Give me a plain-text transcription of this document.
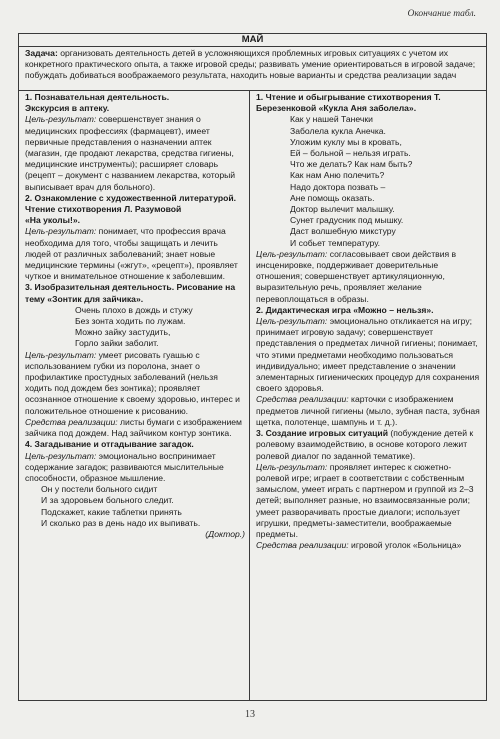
Окончание табл.
МАЙ
Задача: организовать деятельность детей в усложняющихся проблемных игровых ситуациях с учетом их конкретного практического опыта, а также игровой среды; развивать умение ориентироваться в игровой задаче; побуждать добиваться воображаемого результата, находить новые варианты и средства реализации задач

1. Познавательная деятельность.

Экскурсия в аптеку.

Цель-результат: совершенствует знания о медицинских профессиях (фармацевт), имеет первичные представления о назначении аптек (магазин, где продают лекарства, средства гигиены, медицинские инструменты); расширяет словарь (рецепт – документ с названием лекарства, который выписывает врач для больного).

2. Ознакомление с художественной литературой.

Чтение стихотворения Л. Разумовой

«На уколы!».

Цель-результат: понимает, что профессия врача необходима для того, чтобы защищать и лечить людей от различных заболеваний; знает новые медицинские термины («жгут», «рецепт»), проявляет чуткое и внимательное отношение к заболевшим.

3. Изобразительная деятельность. Рисование на тему «Зонтик для зайчика».

Очень плохо в дождь и стужу

Без зонта ходить по лужам.

Можно зайку застудить,

Горло зайки заболит.

Цель-результат: умеет рисовать гуашью с использованием губки из поролона, знает о профилактике простудных заболеваний (нельзя ходить под дождем без зонтика); проявляет осознанное отношение к своему здоровью, интерес и положительное отношение к рисованию.

Средства реализации: листы бумаги с изображением зайчика под дождем. Над зайчиком контур зонтика.

4. Загадывание и отгадывание загадок.

Цель-результат: эмоционально воспринимает содержание загадок; развиваются мыслительные способности, образное мышление.

Он у постели больного сидит

И за здоровьем больного следит.

Подскажет, какие таблетки принять

И сколько раз в день надо их выпивать.

(Доктор.)

1. Чтение и обыгрывание стихотворения Т. Березенковой «Кукла Аня заболела».

Как у нашей Танечки

Заболела кукла Анечка.

Уложим куклу мы в кровать,

Ей – больной – нельзя играть.

Что же делать? Как нам быть?

Как нам Аню полечить?

Надо доктора позвать –

Ане помощь оказать.

Доктор вылечит малышку.

Сунет градусник под мышку.

Даст волшебную микстуру

И собьет температуру.

Цель-результат: согласовывает свои действия в инсценировке, поддерживает доверительные отношения; совершенствует артикуляционную, выразительную речь, проявляет желание перевоплощаться в образы.

2. Дидактическая игра «Можно – нельзя».

Цель-результат: эмоционально откликается на игру; принимает игровую задачу; совершенствует представления о предметах личной гигиены; понимает, что этими предметами необходимо пользоваться индивидуально; имеет представление о значении элементарных гигиенических процедур для сохранения своего здоровья.

Средства реализации: карточки с изображением предметов личной гигиены (мыло, зубная паста, зубная щетка, полотенце, шампунь и т. д.).

3. Создание игровых ситуаций (побуждение детей к ролевому взаимодействию, в основе которого лежит ролевой диалог по заданной тематике).

Цель-результат: проявляет интерес к сюжетно-ролевой игре; играет в соответствии с собственным замыслом, умеет играть с партнером и группой из 2–3 детей; выполняет разные, но взаимосвязанные роли; умеет разворачивать простые диалоги; использует игрушки, предметы-заместители, воображаемые предметы.

Средства реализации: игровой уголок «Больница»

13
